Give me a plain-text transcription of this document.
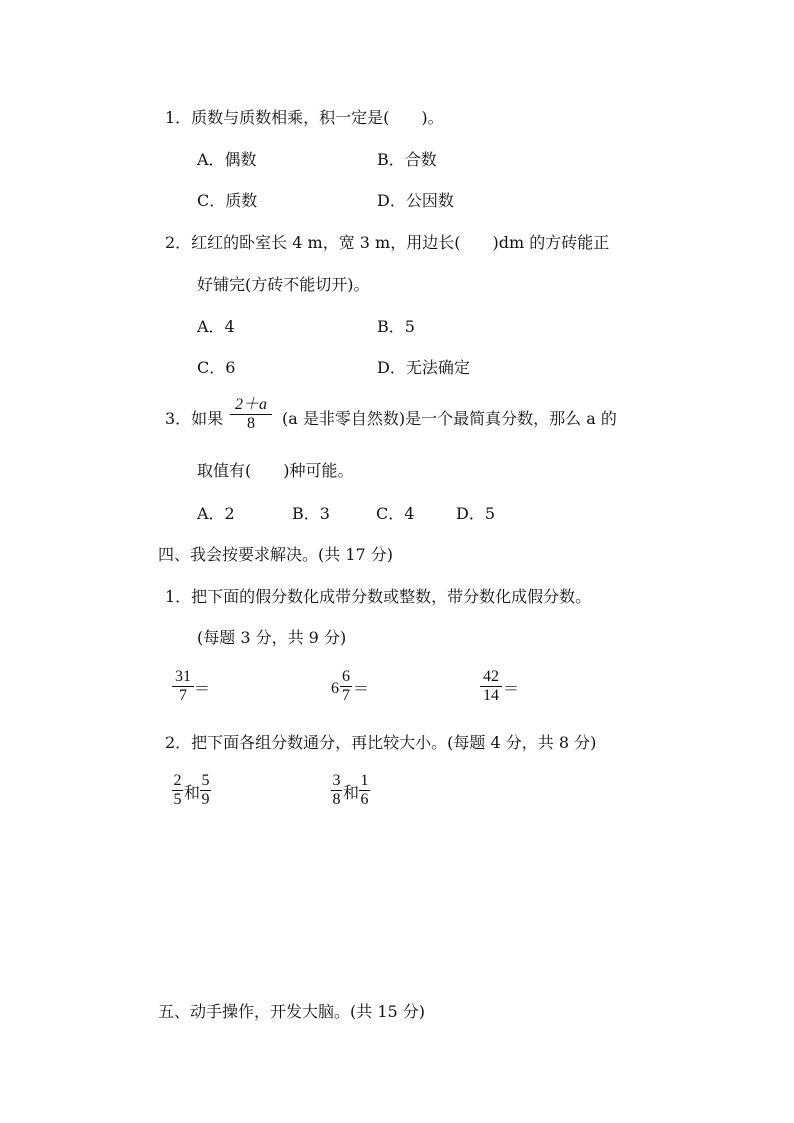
1．质数与质数相乘，积一定是(　　)。
A．偶数	B．合数
C．质数	D．公因数
2．红红的卧室长 4 m，宽 3 m，用边长(　　)dm 的方砖能正
好铺完(方砖不能切开)。
A．4	B．5
C．6	D．无法确定
3．如果
2＋a
8	(a 是非零自然数)是一个最简真分数，那么 a 的
取值有(　　)种可能。
A．2	B．3	C．4	D．5
四、我会按要求解决。(共 17 分)
1．把下面的假分数化成带分数或整数，带分数化成假分数。
(每题 3 分，共 9 分)
31
7 ＝	6
6
7 ＝
42
14 ＝
2．把下面各组分数通分，再比较大小。(每题 4 分，共 8 分)
2
5 和
5
9
3
8 和
1
6
五、动手操作，开发大脑。(共 15 分)
